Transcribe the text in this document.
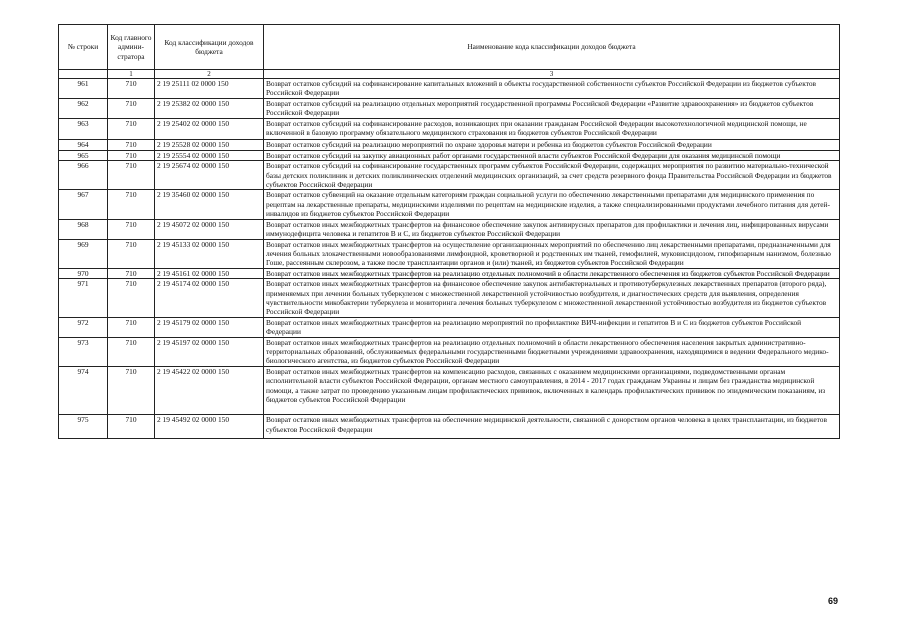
№ строки	Код главного админи-стратора	Код классификации доходов бюджета	Наименование кода классификации доходов бюджета
	1	2	3
961	710	2 19 25111 02 0000 150	Возврат остатков субсидий на софинансирование капитальных вложений в объекты государственной собственности субъектов Российской Федерации из бюджетов субъектов Российской Федерации
962	710	2 19 25382 02 0000 150	Возврат остатков субсидий на реализацию отдельных мероприятий государственной программы Российской Федерации «Развитие здравоохранения» из бюджетов субъектов Российской Федерации
963	710	2 19 25402 02 0000 150	Возврат остатков субсидий на софинансирование расходов, возникающих при оказании гражданам Российской Федерации высокотехнологичной медицинской помощи, не включенной в базовую программу обязательного медицинского страхования из бюджетов субъектов Российской Федерации
964	710	2 19 25528 02 0000 150	Возврат остатков субсидий на реализацию мероприятий по охране здоровья матери и ребенка из бюджетов субъектов Российской Федерации
965	710	2 19 25554 02 0000 150	Возврат остатков субсидий на закупку авиационных работ органами государственной власти субъектов Российской Федерации для оказания медицинской помощи
966	710	2 19 25674 02 0000 150	Возврат остатков субсидий на софинансирование государственных программ субъектов Российской Федерации, содержащих мероприятия по развитию материально-технической базы детских поликлиник и детских поликлинических отделений медицинских организаций, за счет средств резервного фонда Правительства Российской Федерации из бюджетов субъектов Российской Федерации
967	710	2 19 35460 02 0000 150	Возврат остатков субвенций на оказание отдельным категориям граждан социальной услуги по обеспечению лекарственными препаратами для медицинского применения по рецептам на лекарственные препараты, медицинскими изделиями по рецептам на медицинские изделия, а также специализированными продуктами лечебного питания для детей-инвалидов из бюджетов субъектов Российской Федерации
968	710	2 19 45072 02 0000 150	Возврат остатков иных межбюджетных трансфертов на финансовое обеспечение закупок антивирусных препаратов для профилактики и лечения лиц, инфицированных вирусами иммунодефицита человека и гепатитов В и С, из бюджетов субъектов Российской Федерации
969	710	2 19 45133 02 0000 150	Возврат остатков иных межбюджетных трансфертов на осуществление организационных мероприятий по обеспечению лиц лекарственными препаратами, предназначенными для лечения больных злокачественными новообразованиями лимфоидной, кроветворной и родственных им тканей, гемофилией, муковисцидозом, гипофизарным нанизмом, болезнью Гоше, рассеянным склерозом, а также после трансплантации органов и (или) тканей, из бюджетов субъектов Российской Федерации
970	710	2 19 45161 02 0000 150	Возврат остатков иных межбюджетных трансфертов на реализацию отдельных полномочий в области лекарственного обеспечения из бюджетов субъектов Российской Федерации
971	710	2 19 45174 02 0000 150	Возврат остатков иных межбюджетных трансфертов на финансовое обеспечение закупок антибактериальных и противотуберкулезных лекарственных препаратов (второго ряда), применяемых при лечении больных туберкулезом с множественной лекарственной устойчивостью возбудителя, и диагностических средств для выявления, определения чувствительности микобактерии туберкулеза и мониторинга лечения больных туберкулезом с множественной лекарственной устойчивостью возбудителя из бюджетов субъектов Российской Федерации
972	710	2 19 45179 02 0000 150	Возврат остатков иных межбюджетных трансфертов на реализацию мероприятий по профилактике ВИЧ-инфекции и гепатитов В и С из бюджетов субъектов Российской Федерации
973	710	2 19 45197 02 0000 150	Возврат остатков иных межбюджетных трансфертов на реализацию отдельных полномочий в области лекарственного обеспечения населения закрытых административно-территориальных образований, обслуживаемых федеральными государственными бюджетными учреждениями здравоохранения, находящимися в ведении Федерального медико-биологического агентства, из бюджетов субъектов Российской Федерации
974	710	2 19 45422 02 0000 150	Возврат остатков иных межбюджетных трансфертов на компенсацию расходов, связанных с оказанием медицинскими организациями, подведомственными органам исполнительной власти субъектов Российской Федерации, органам местного самоуправления, в 2014 - 2017 годах гражданам Украины и лицам без гражданства медицинской помощи, а также затрат по проведению указанным лицам профилактических прививок, включенных в календарь профилактических прививок по эпидемическим показаниям, из бюджетов субъектов Российской Федерации
975	710	2 19 45492 02 0000 150	Возврат остатков иных межбюджетных трансфертов на обеспечение медицинской деятельности, связанной с донорством органов человека в целях трансплантации, из бюджетов субъектов Российской Федерации
69
